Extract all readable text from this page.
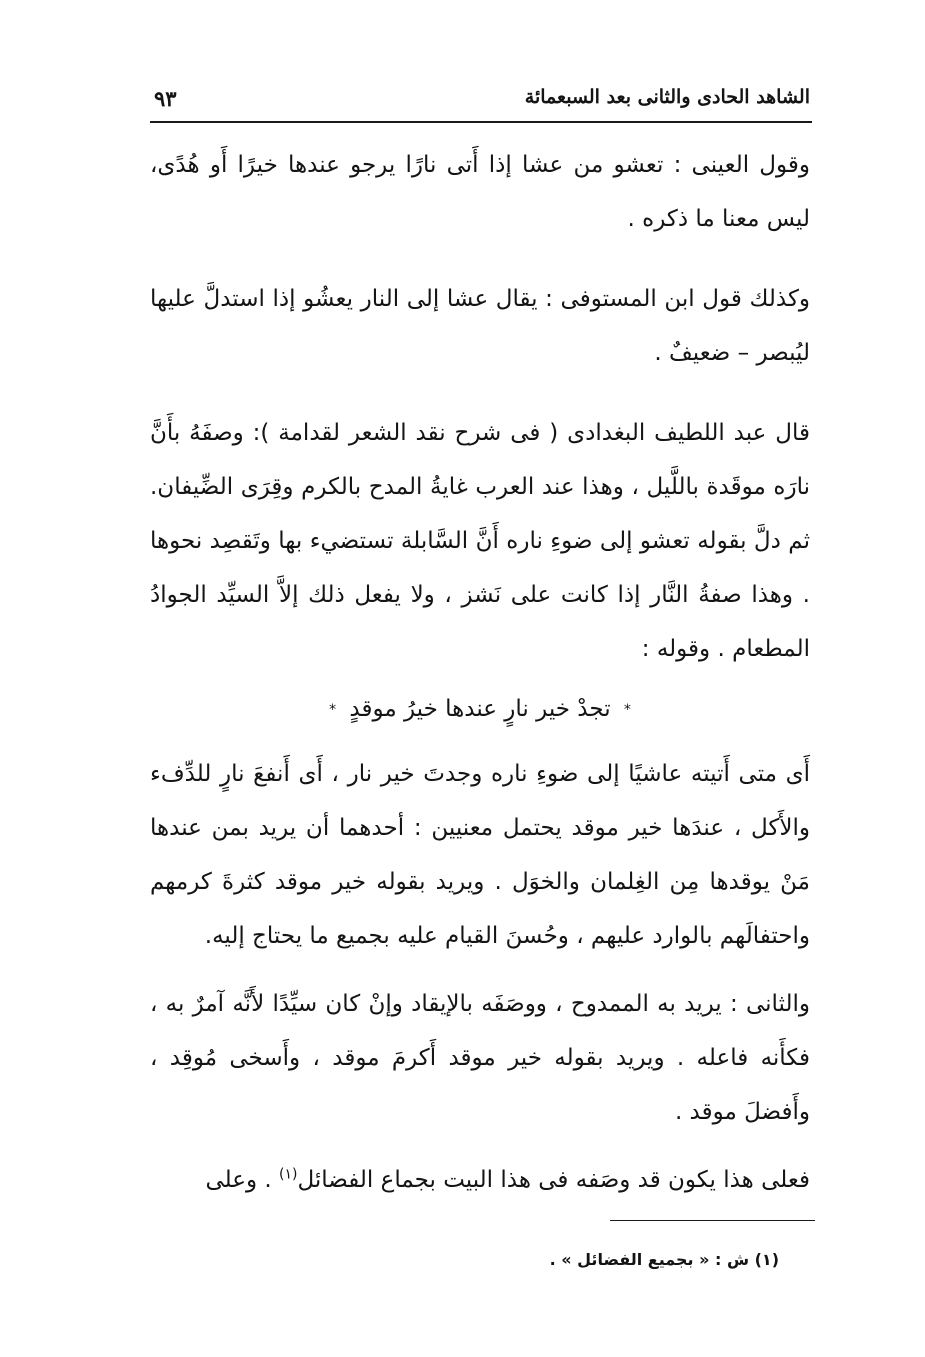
الشاهد الحادى والثانى بعد السبعمائة
٩٣

وقول العينى : تعشو من عشا إذا أَتى نارًا يرجو عندها خيرًا أَو هُدًى، ليس معنا ما ذكره .

وكذلك قول ابن المستوفى : يقال عشا إلى النار يعشُو إذا استدلَّ عليها ليُبصر – ضعيفٌ .

قال عبد اللطيف البغدادى ( فى شرح نقد الشعر لقدامة ): وصفَهُ بأَنَّ نارَه موقَدة باللَّيل ، وهذا عند العرب غايةُ المدح بالكرم وقِرَى الضِّيفان. ثم دلَّ بقوله تعشو إلى ضوءِ ناره أَنَّ السَّابلة تستضيء بها وتَقصِد نحوها . وهذا صفةُ النَّار إذا كانت على نَشز ، ولا يفعل ذلك إلاَّ السيِّد الجوادُ المطعام . وقوله :

* تجدْ خير نارٍ عندها خيرُ موقدٍ *

أَى متى أَتيته عاشيًا إلى ضوءِ ناره وجدتَ خير نار ، أَى أَنفعَ نارٍ للدِّفء والأَكل ، عندَها خير موقد يحتمل معنيين : أحدهما أن يريد بمن عندها مَنْ يوقدها مِن الغِلمان والخوَل . ويريد بقوله خير موقد كثرةَ كرمهم واحتفالَهم بالوارد عليهم ، وحُسنَ القيام عليه بجميع ما يحتاج إليه.

والثانى : يريد به الممدوح ، ووصَفَه بالإيقاد وإنْ كان سيِّدًا لأَنَّه آمرٌ به ، فكأَنه فاعله . ويريد بقوله خير موقد أَكرمَ موقد ، وأَسخى مُوقِد ، وأَفضلَ موقد .

فعلى هذا يكون قد وصَفه فى هذا البيت بجماع الفضائل$^{(١)}$ . وعلى

(١) ش : « بجميع الفضائل » .
